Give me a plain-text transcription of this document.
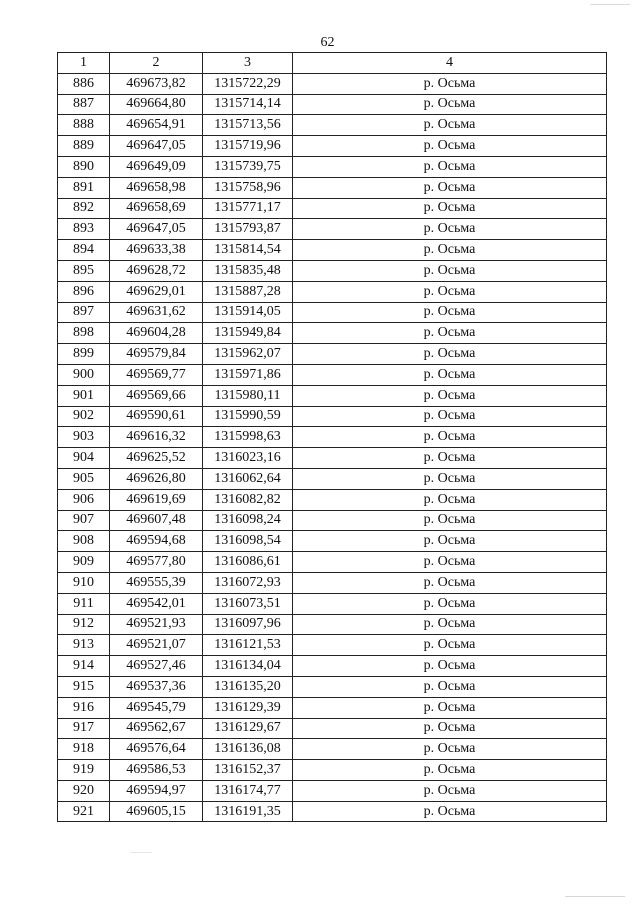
62
1	2	3	4
886	469673,82	1315722,29	р. Осьма
887	469664,80	1315714,14	р. Осьма
888	469654,91	1315713,56	р. Осьма
889	469647,05	1315719,96	р. Осьма
890	469649,09	1315739,75	р. Осьма
891	469658,98	1315758,96	р. Осьма
892	469658,69	1315771,17	р. Осьма
893	469647,05	1315793,87	р. Осьма
894	469633,38	1315814,54	р. Осьма
895	469628,72	1315835,48	р. Осьма
896	469629,01	1315887,28	р. Осьма
897	469631,62	1315914,05	р. Осьма
898	469604,28	1315949,84	р. Осьма
899	469579,84	1315962,07	р. Осьма
900	469569,77	1315971,86	р. Осьма
901	469569,66	1315980,11	р. Осьма
902	469590,61	1315990,59	р. Осьма
903	469616,32	1315998,63	р. Осьма
904	469625,52	1316023,16	р. Осьма
905	469626,80	1316062,64	р. Осьма
906	469619,69	1316082,82	р. Осьма
907	469607,48	1316098,24	р. Осьма
908	469594,68	1316098,54	р. Осьма
909	469577,80	1316086,61	р. Осьма
910	469555,39	1316072,93	р. Осьма
911	469542,01	1316073,51	р. Осьма
912	469521,93	1316097,96	р. Осьма
913	469521,07	1316121,53	р. Осьма
914	469527,46	1316134,04	р. Осьма
915	469537,36	1316135,20	р. Осьма
916	469545,79	1316129,39	р. Осьма
917	469562,67	1316129,67	р. Осьма
918	469576,64	1316136,08	р. Осьма
919	469586,53	1316152,37	р. Осьма
920	469594,97	1316174,77	р. Осьма
921	469605,15	1316191,35	р. Осьма
